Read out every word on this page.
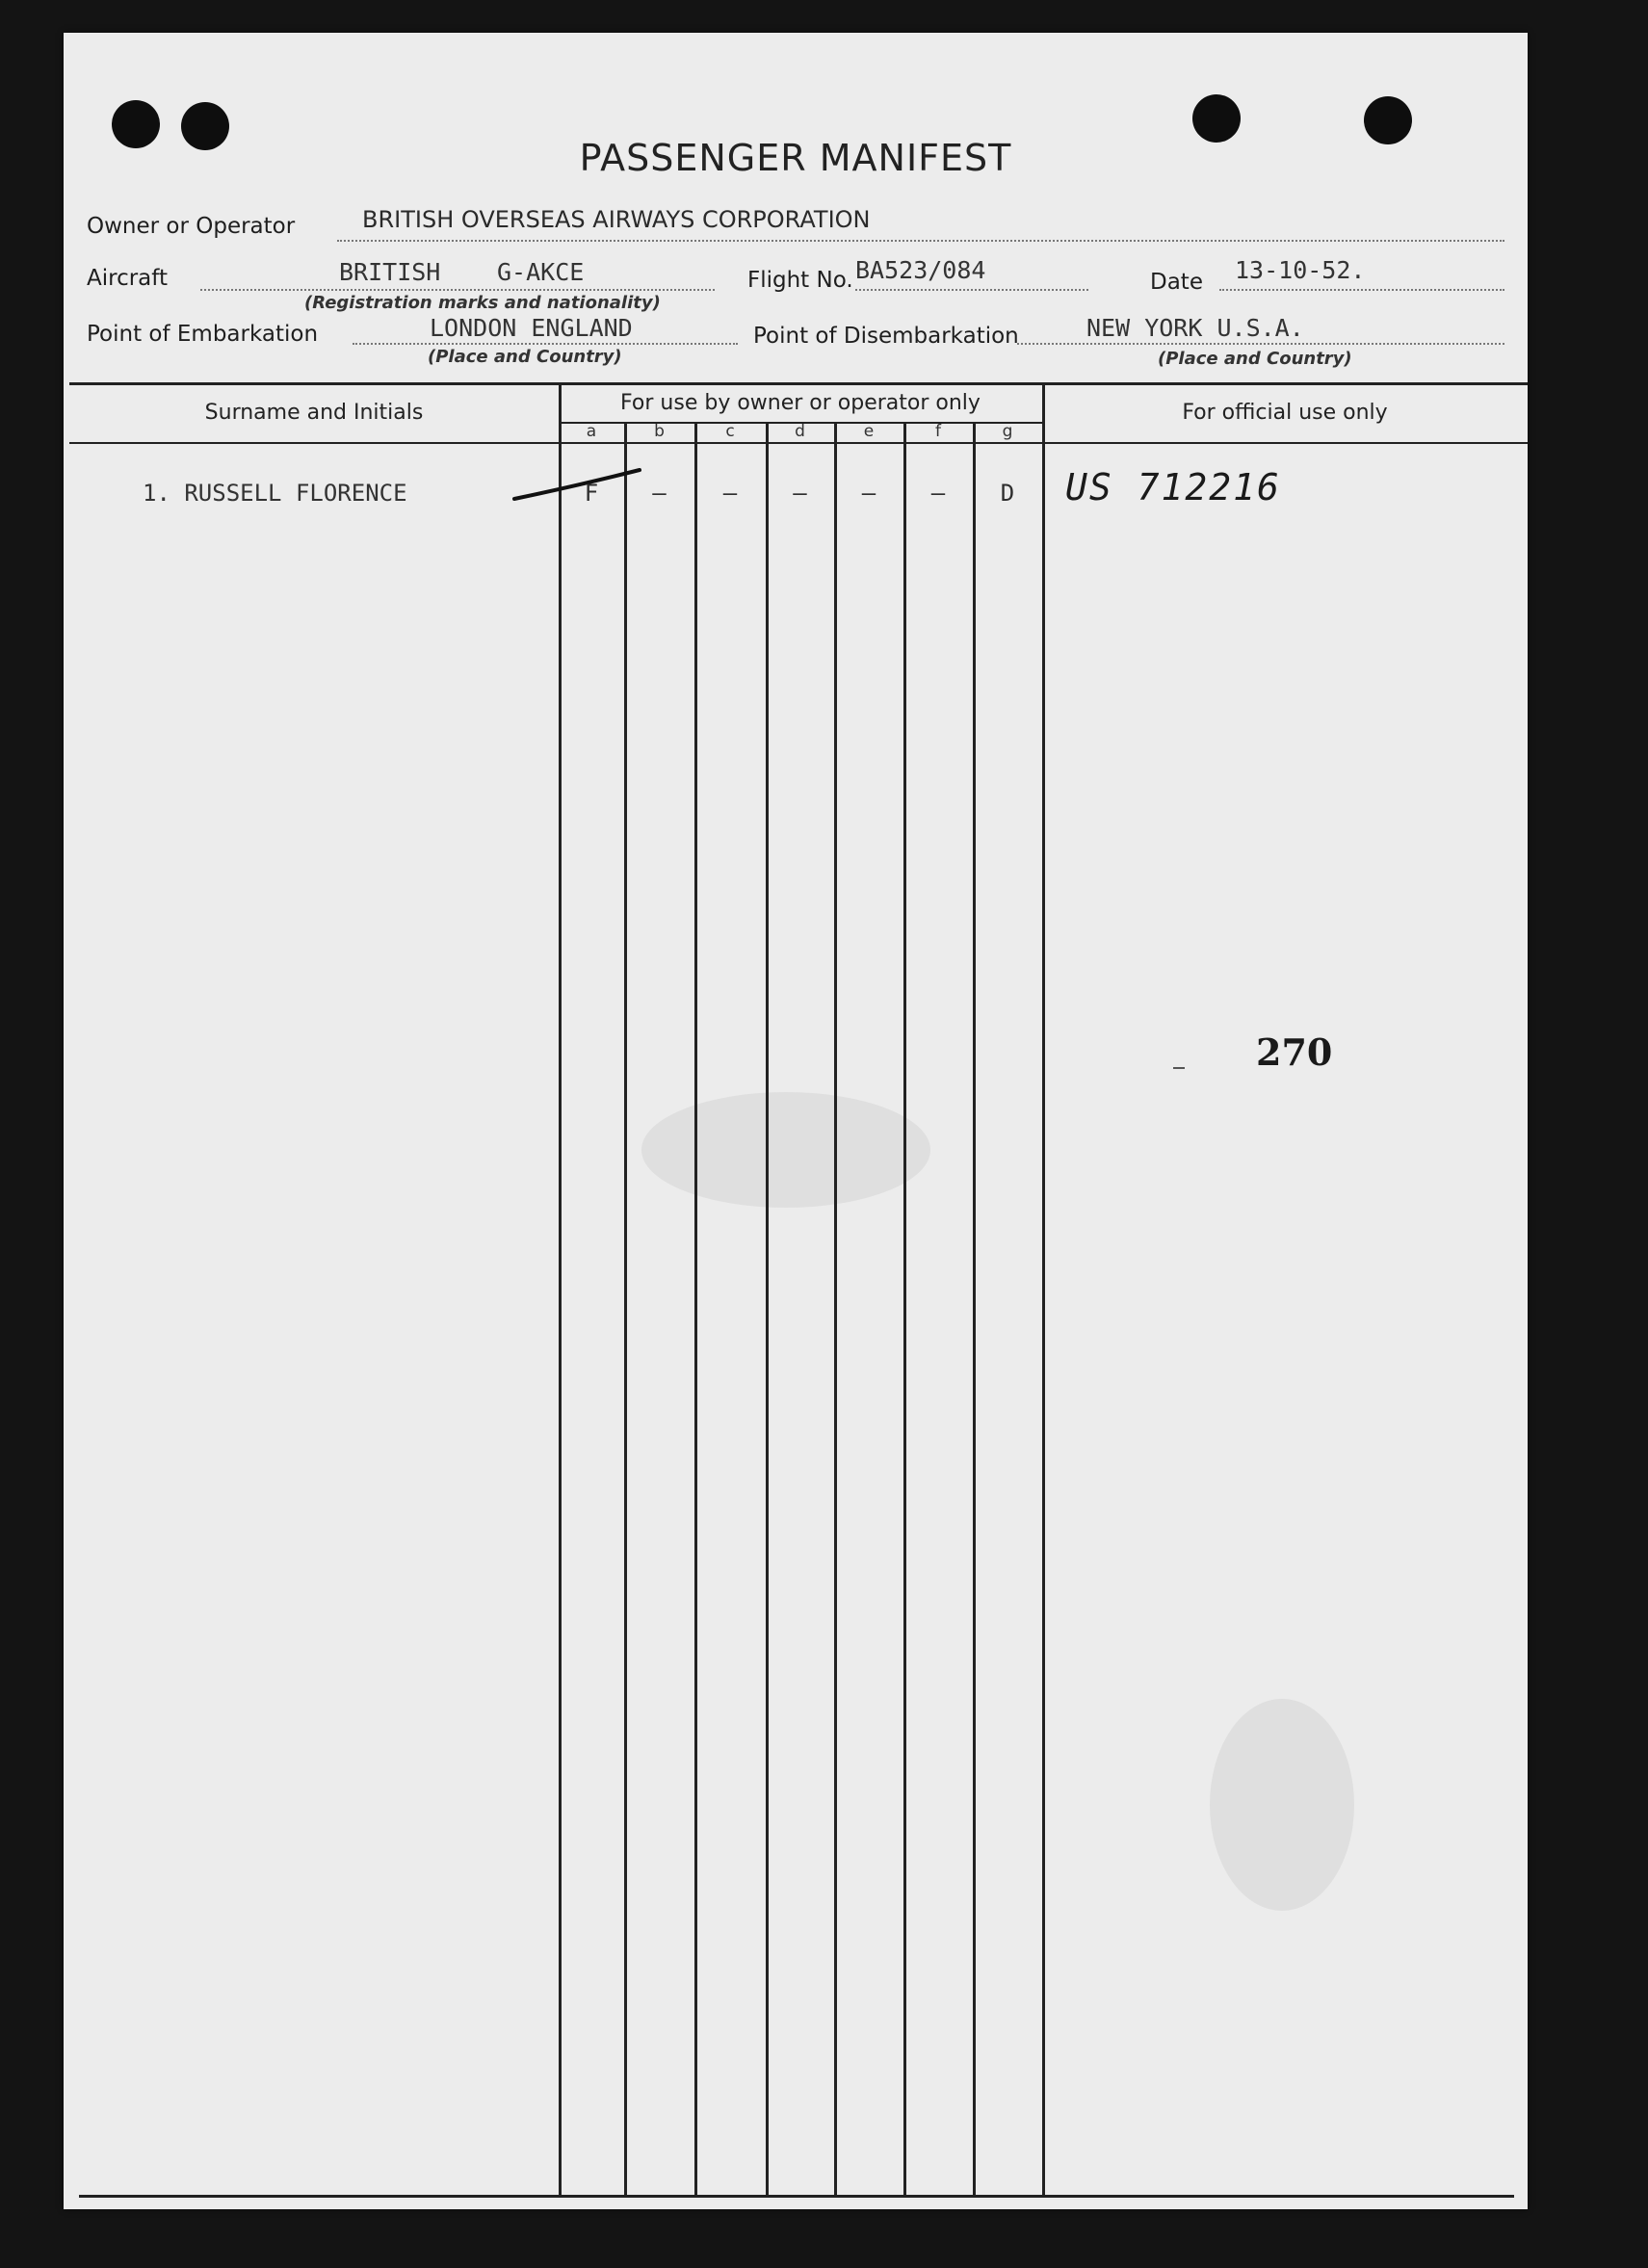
PASSENGER MANIFEST
Owner or Operator	BRITISH OVERSEAS AIRWAYS CORPORATION
Aircraft	BRITISH G-AKCE
(Registration marks and nationality)
Flight No. BA523/084	Date 13-10-52.
Point of Embarkation	LONDON ENGLAND
(Place and Country)
Point of Disembarkation	NEW YORK U.S.A.
(Place and Country)
Surname and Initials	For use by owner or operator only	For official use only
a	b	c	d	e	f	g
1. RUSSELL FLORENCE	F	–	–	–	–	–	D	US 712216
270
